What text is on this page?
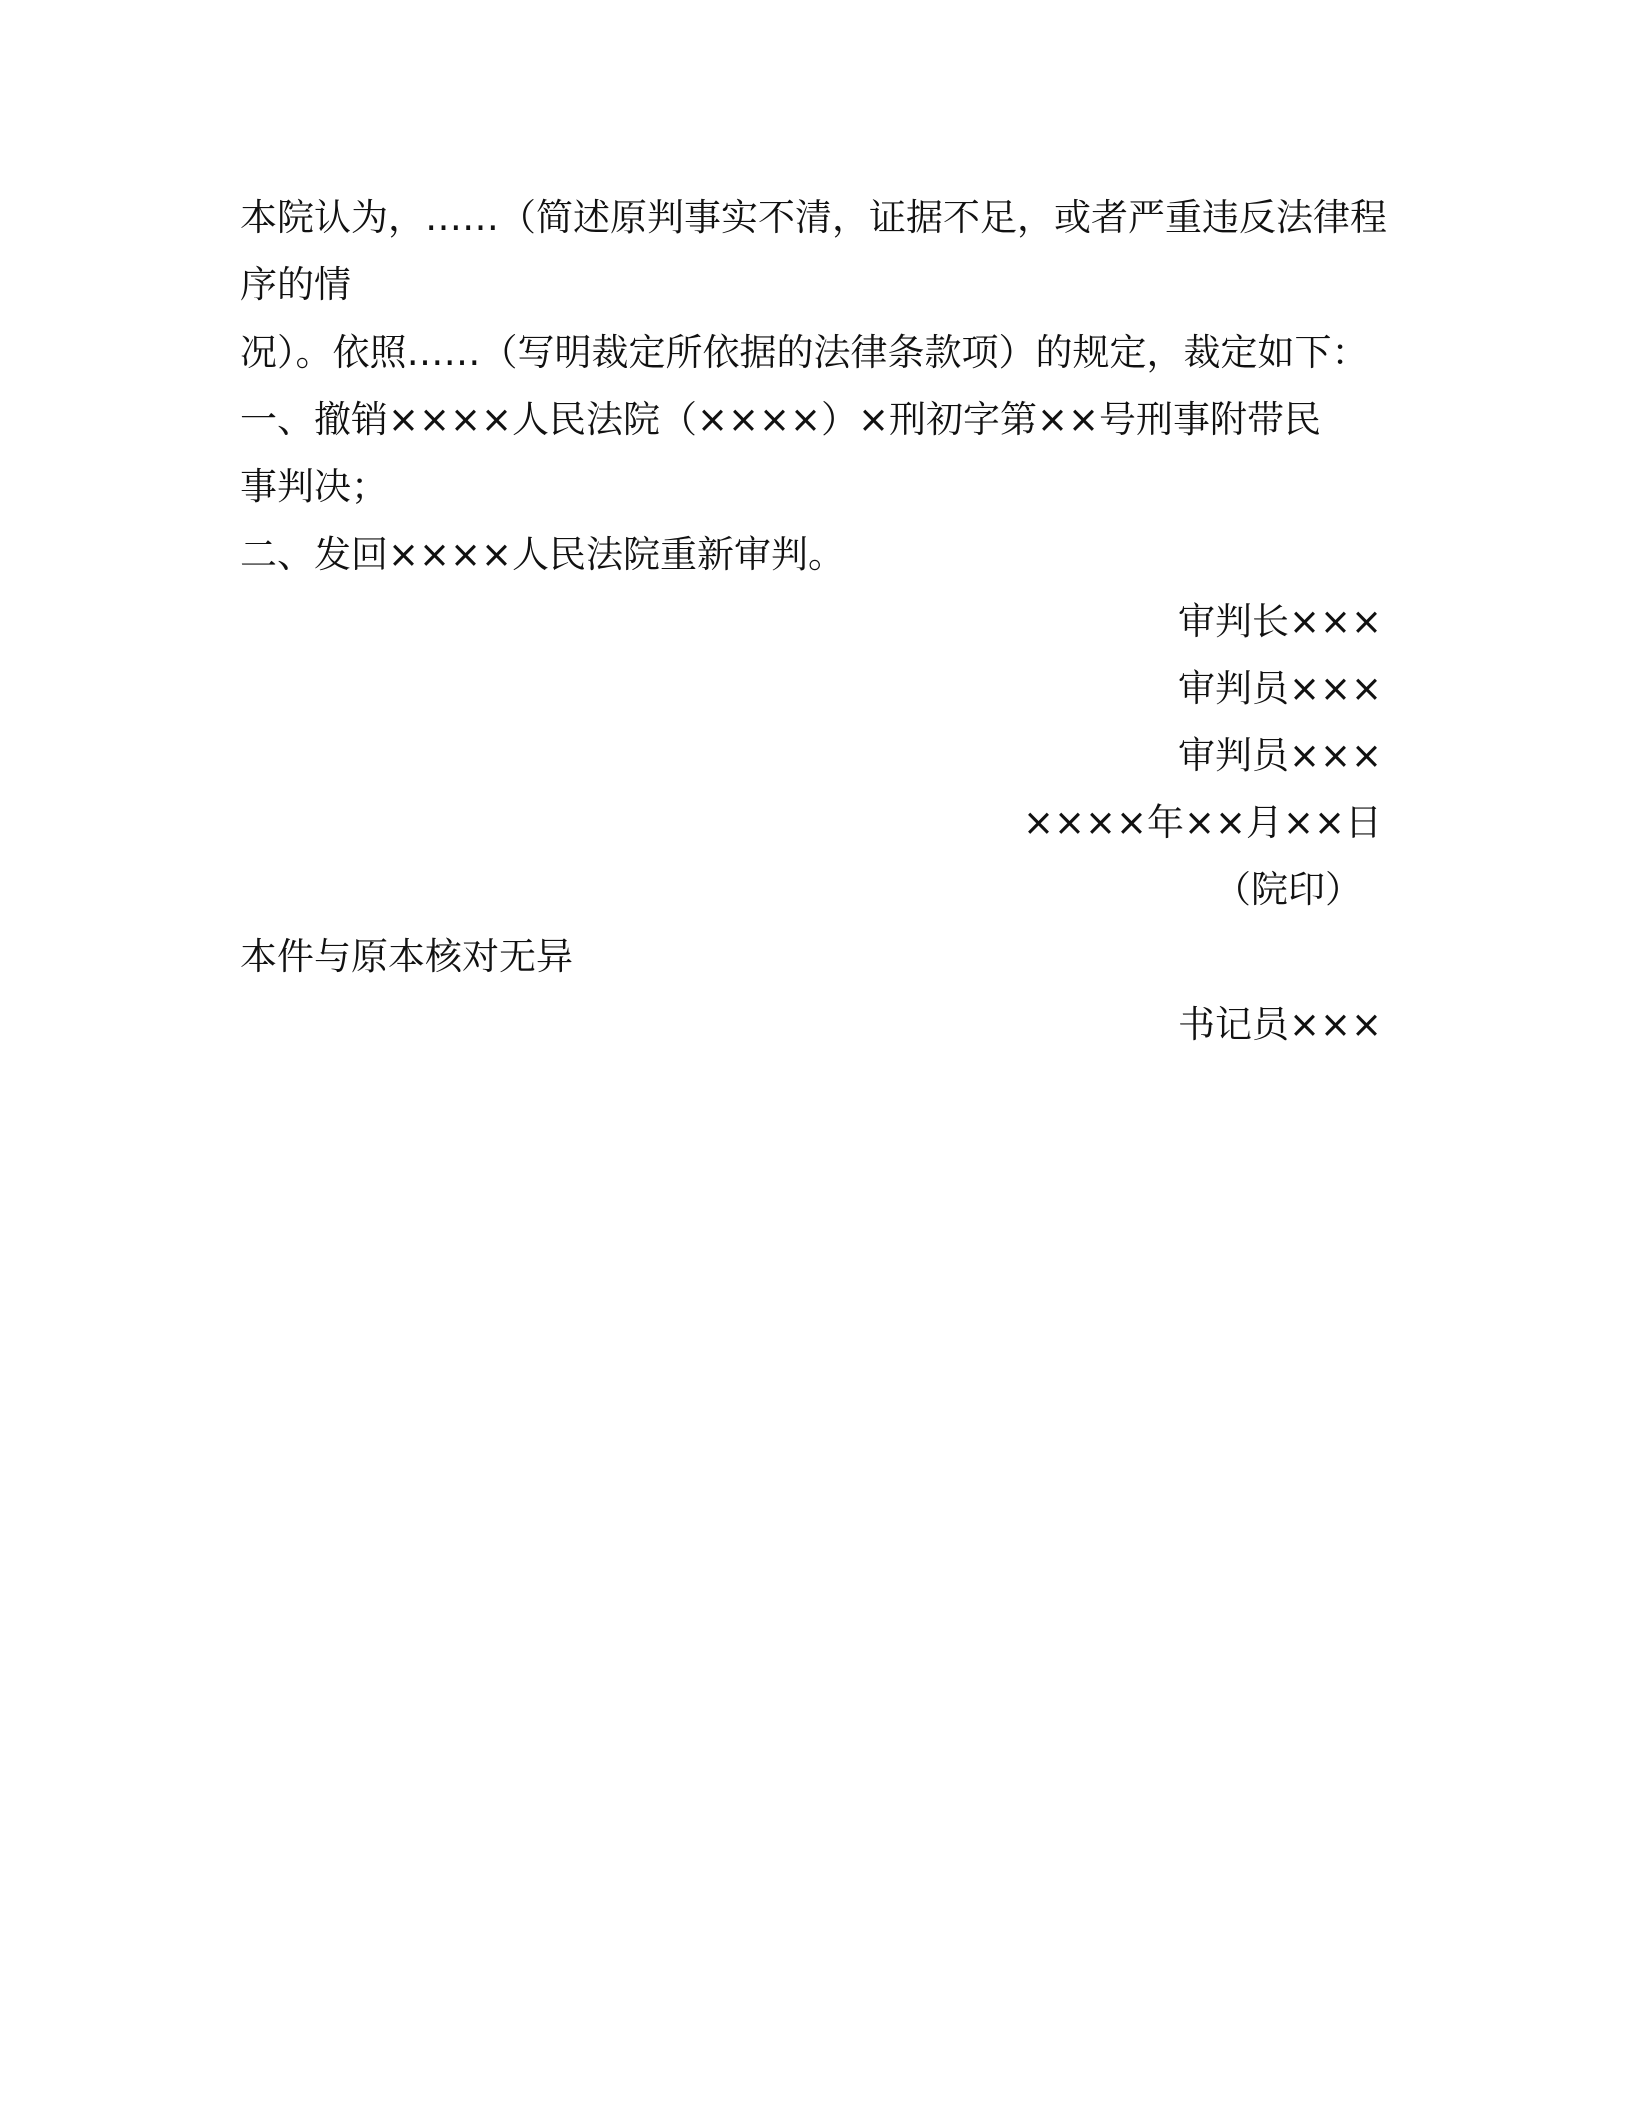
本院认为，……（简述原判事实不清，证据不足，或者严重违反法律程
序的情
况）。依照……（写明裁定所依据的法律条款项）的规定，裁定如下：
一、撤销××××人民法院（××××）×刑初字第××号刑事附带民
事判决；
二、发回××××人民法院重新审判。
审判长×××
审判员×××
审判员×××
××××年××月××日
（院印）
本件与原本核对无异
书记员×××
